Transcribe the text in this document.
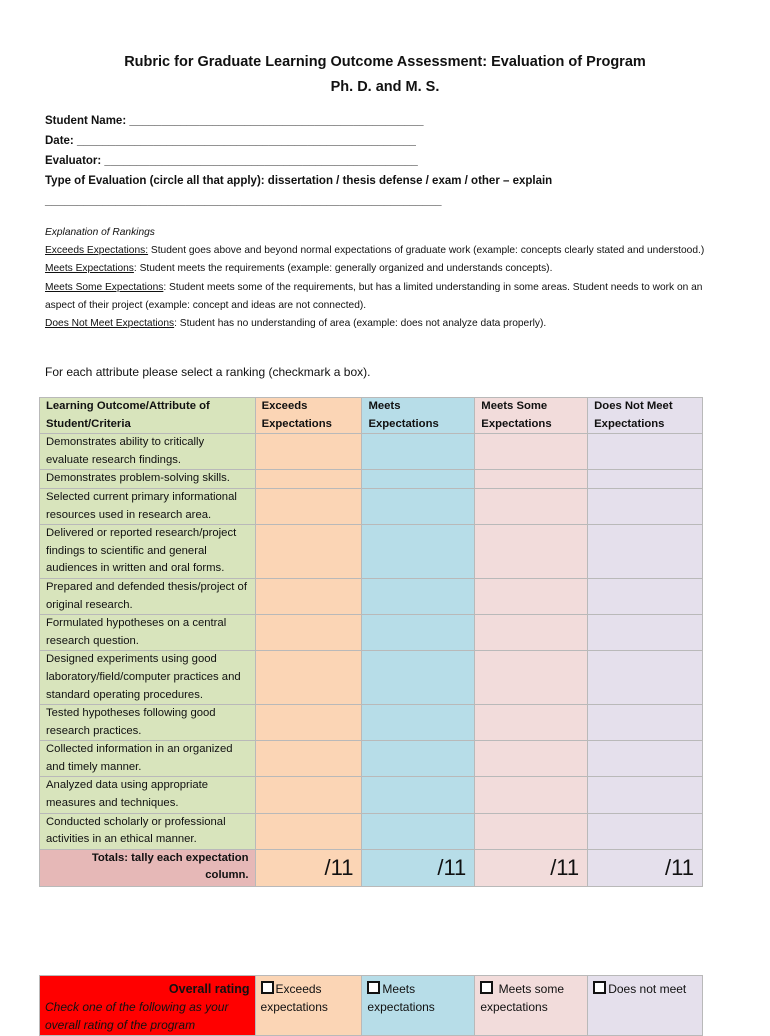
Rubric for Graduate Learning Outcome Assessment: Evaluation of Program
Ph. D. and M. S.
Student Name: ______________________________________________
Date: _____________________________________________________
Evaluator: _________________________________________________
Type of Evaluation (circle all that apply): dissertation / thesis defense / exam / other – explain
______________________________________________________________
Explanation of Rankings
Exceeds Expectations: Student goes above and beyond normal expectations of graduate work (example: concepts clearly stated and understood.)
Meets Expectations: Student meets the requirements (example: generally organized and understands concepts).
Meets Some Expectations: Student meets some of the requirements, but has a limited understanding in some areas. Student needs to work on an aspect of their project (example: concept and ideas are not connected).
Does Not Meet Expectations: Student has no understanding of area (example: does not analyze data properly).
For each attribute please select a ranking (checkmark a box).
Learning Outcome/Attribute of Student/Criteria	Exceeds Expectations	Meets Expectations	Meets Some Expectations	Does Not Meet Expectations
Demonstrates ability to critically evaluate research findings.				
Demonstrates problem-solving skills.				
Selected current primary informational resources used in research area.				
Delivered or reported research/project findings to scientific and general audiences in written and oral forms.				
Prepared and defended thesis/project of original research.				
Formulated hypotheses on a central research question.				
Designed experiments using good laboratory/field/computer practices and standard operating procedures.				
Tested hypotheses following good research practices.				
Collected information in an organized and timely manner.				
Analyzed data using appropriate measures and techniques.				
Conducted scholarly or professional activities in an ethical manner.				
Totals: tally each expectation column.	/11	/11	/11	/11
Overall rating
Check one of the following as your overall rating of the program
	Exceeds expectations	Meets expectations	Meets some expectations	Does not meet
